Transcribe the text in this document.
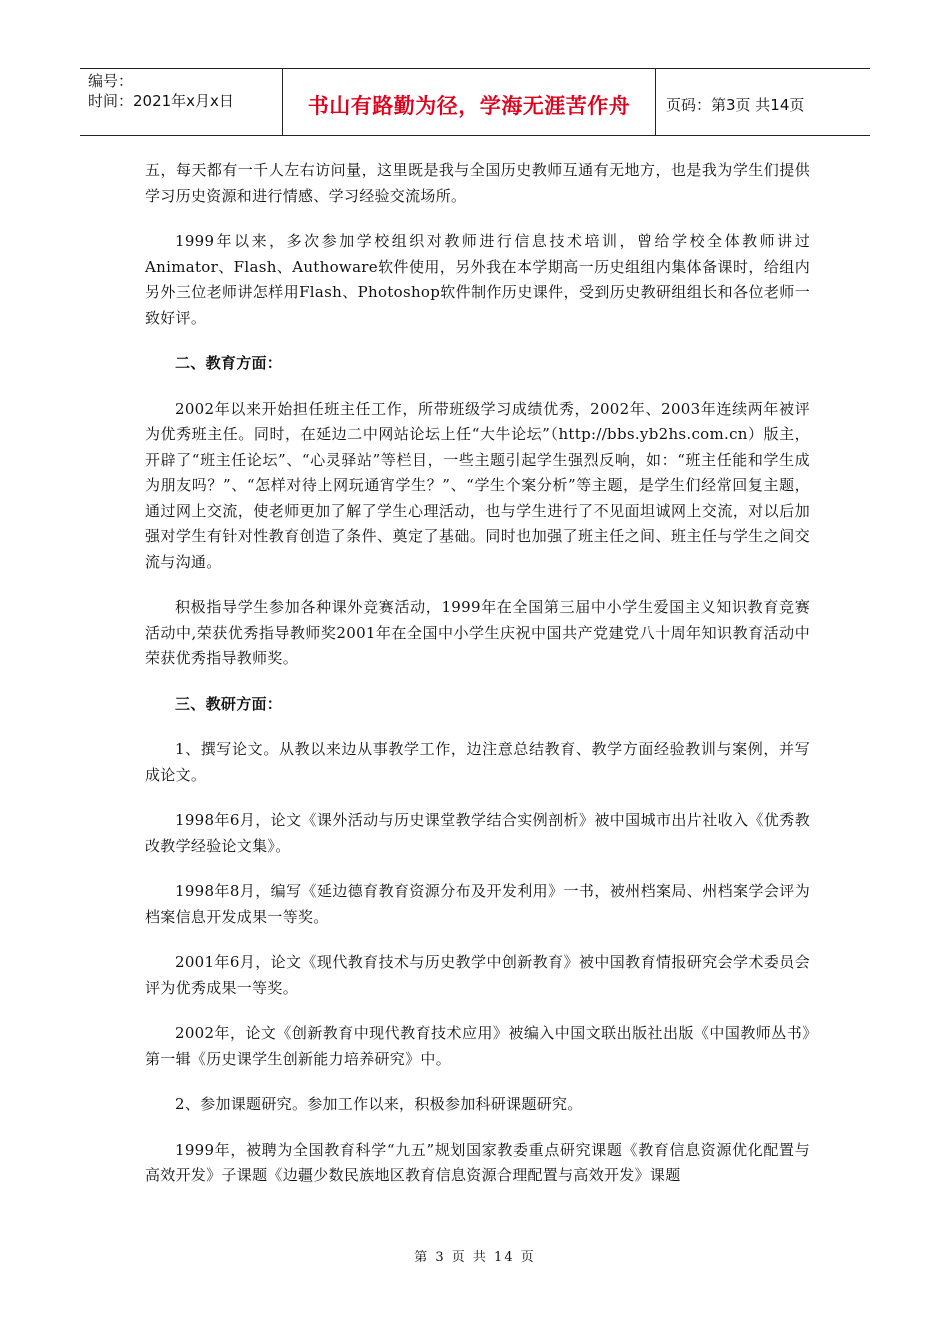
编号：
时间：2021年x月x日	书山有路勤为径，学海无涯苦作舟	页码：第3页 共14页

五，每天都有一千人左右访问量，这里既是我与全国历史教师互通有无地方，也是我为学生们提供学习历史资源和进行情感、学习经验交流场所。

1999年以来，多次参加学校组织对教师进行信息技术培训，曾给学校全体教师讲过Animator、Flash、Authoware软件使用，另外我在本学期高一历史组组内集体备课时，给组内另外三位老师讲怎样用Flash、Photoshop软件制作历史课件，受到历史教研组组长和各位老师一致好评。

二、教育方面：

2002年以来开始担任班主任工作，所带班级学习成绩优秀，2002年、2003年连续两年被评为优秀班主任。同时，在延边二中网站论坛上任“大牛论坛”（http://bbs.yb2hs.com.cn）版主，开辟了“班主任论坛”、“心灵驿站”等栏目，一些主题引起学生强烈反响，如：“班主任能和学生成为朋友吗？”、“怎样对待上网玩通宵学生？”、“学生个案分析”等主题，是学生们经常回复主题，通过网上交流，使老师更加了解了学生心理活动，也与学生进行了不见面坦诚网上交流，对以后加强对学生有针对性教育创造了条件、奠定了基础。同时也加强了班主任之间、班主任与学生之间交流与沟通。

积极指导学生参加各种课外竞赛活动，1999年在全国第三届中小学生爱国主义知识教育竞赛活动中,荣获优秀指导教师奖2001年在全国中小学生庆祝中国共产党建党八十周年知识教育活动中荣获优秀指导教师奖。

三、教研方面：

1、撰写论文。从教以来边从事教学工作，边注意总结教育、教学方面经验教训与案例，并写成论文。

1998年6月，论文《课外活动与历史课堂教学结合实例剖析》被中国城市出片社收入《优秀教改教学经验论文集》。

1998年8月，编写《延边德育教育资源分布及开发利用》一书，被州档案局、州档案学会评为档案信息开发成果一等奖。

2001年6月，论文《现代教育技术与历史教学中创新教育》被中国教育情报研究会学术委员会评为优秀成果一等奖。

2002年，论文《创新教育中现代教育技术应用》被编入中国文联出版社出版《中国教师丛书》第一辑《历史课学生创新能力培养研究》中。

2、参加课题研究。参加工作以来，积极参加科研课题研究。

1999年，被聘为全国教育科学“九五”规划国家教委重点研究课题《教育信息资源优化配置与高效开发》子课题《边疆少数民族地区教育信息资源合理配置与高效开发》课题

第 3 页 共 14 页
